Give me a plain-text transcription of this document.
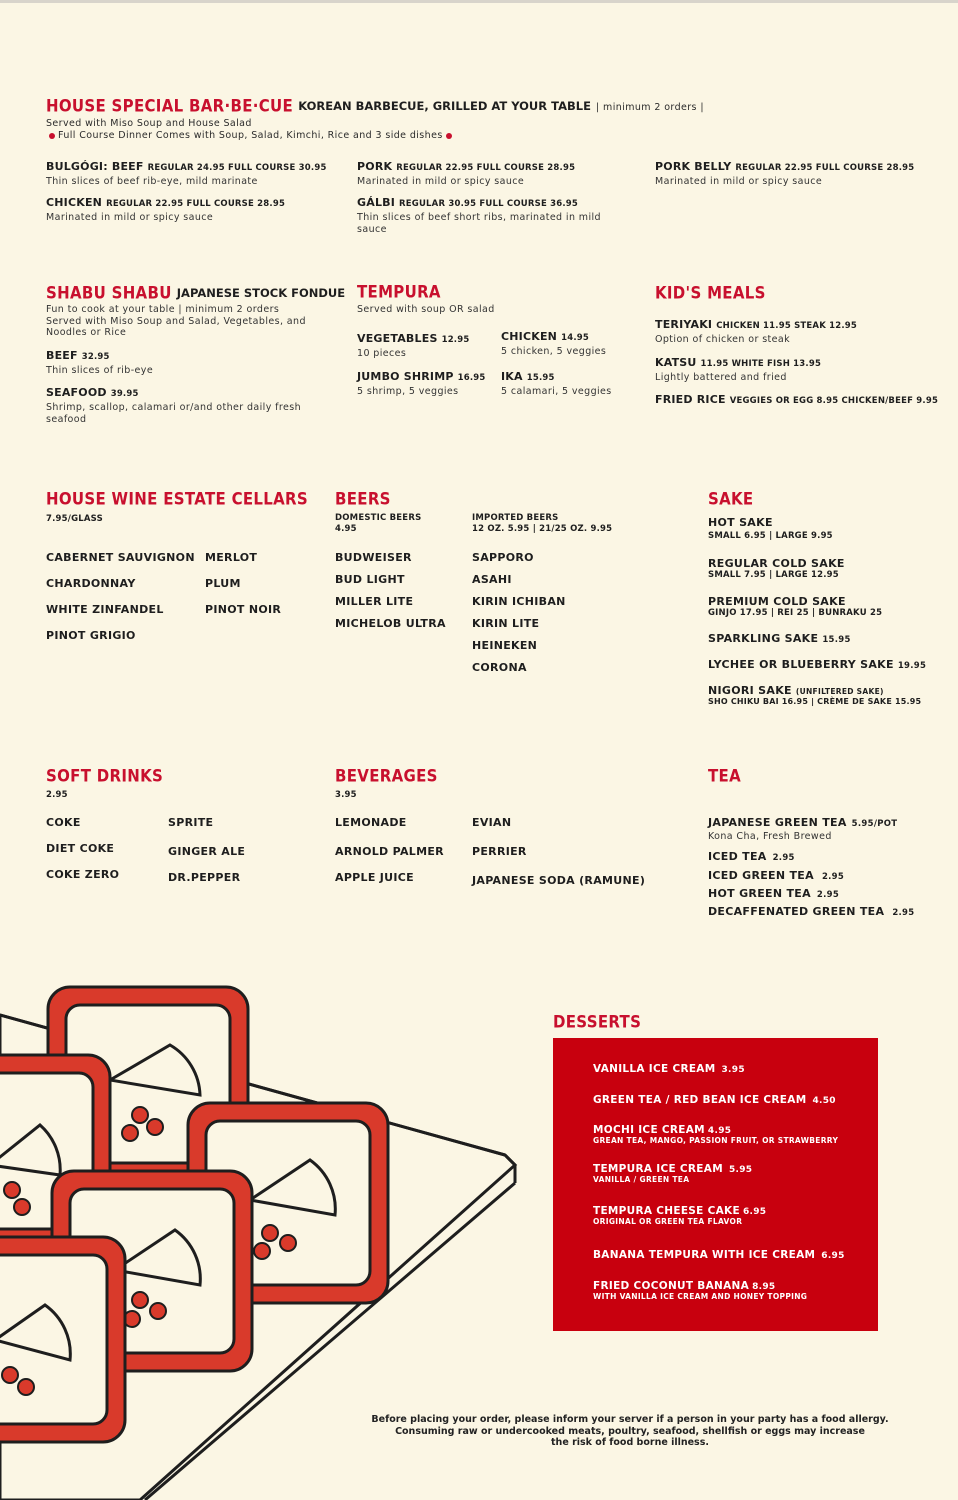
HOUSE SPECIAL BAR·BE·CUE KOREAN BARBECUE, GRILLED AT YOUR TABLE | minimum 2 orders |
Served with Miso Soup and House Salad
Full Course Dinner Comes with Soup, Salad, Kimchi, Rice and 3 side dishes
BULGÓGI: BEEF REGULAR 24.95 FULL COURSE 30.95
Thin slices of beef rib-eye, mild marinate
CHICKEN REGULAR 22.95 FULL COURSE 28.95
Marinated in mild or spicy sauce
PORK REGULAR 22.95 FULL COURSE 28.95
Marinated in mild or spicy sauce
GÁLBI REGULAR 30.95 FULL COURSE 36.95
Thin slices of beef short ribs, marinated in mild sauce
PORK BELLY REGULAR 22.95 FULL COURSE 28.95
Marinated in mild or spicy sauce
SHABU SHABU JAPANESE STOCK FONDUE
Fun to cook at your table | minimum 2 orders Served with Miso Soup and Salad, Vegetables, and Noodles or Rice
BEEF 32.95
Thin slices of rib-eye
SEAFOOD 39.95
Shrimp, scallop, calamari or/and other daily fresh seafood
TEMPURA
Served with soup OR salad
VEGETABLES 12.95
10 pieces
JUMBO SHRIMP 16.95
5 shrimp, 5 veggies
CHICKEN 14.95
5 chicken, 5 veggies
IKA 15.95
5 calamari, 5 veggies
KID'S MEALS
TERIYAKI CHICKEN 11.95 STEAK 12.95
Option of chicken or steak
KATSU 11.95 WHITE FISH 13.95
Lightly battered and fried
FRIED RICE VEGGIES OR EGG 8.95 CHICKEN/BEEF 9.95
HOUSE WINE ESTATE CELLARS
7.95/GLASS
CABERNET SAUVIGNON
CHARDONNAY
WHITE ZINFANDEL
PINOT GRIGIO
MERLOT
PLUM
PINOT NOIR
BEERS
DOMESTIC BEERS
4.95
IMPORTED BEERS
12 OZ. 5.95 | 21/25 OZ. 9.95
BUDWEISER
BUD LIGHT
MILLER LITE
MICHELOB ULTRA
SAPPORO
ASAHI
KIRIN ICHIBAN
KIRIN LITE
HEINEKEN
CORONA
SAKE
HOT SAKE
SMALL 6.95 | LARGE 9.95
REGULAR COLD SAKE
SMALL 7.95 | LARGE 12.95
PREMIUM COLD SAKE
GINJO 17.95 | REI 25 | BUNRAKU 25
SPARKLING SAKE 15.95
LYCHEE OR BLUEBERRY SAKE 19.95
NIGORI SAKE (UNFILTERED SAKE)
SHO CHIKU BAI 16.95 | CRÈME DE SAKE 15.95
SOFT DRINKS
2.95
COKE
DIET COKE
COKE ZERO
SPRITE
GINGER ALE
DR.PEPPER
BEVERAGES
3.95
LEMONADE
ARNOLD PALMER
APPLE JUICE
EVIAN
PERRIER
JAPANESE SODA (RAMUNE)
TEA
JAPANESE GREEN TEA 5.95/POT
Kona Cha, Fresh Brewed
ICED TEA 2.95
ICED GREEN TEA 2.95
HOT GREEN TEA 2.95
DECAFFENATED GREEN TEA 2.95
DESSERTS
VANILLA ICE CREAM 3.95
GREEN TEA / RED BEAN ICE CREAM 4.50
MOCHI ICE CREAM 4.95
GREAN TEA, MANGO, PASSION FRUIT, OR STRAWBERRY
TEMPURA ICE CREAM 5.95
VANILLA / GREEN TEA
TEMPURA CHEESE CAKE 6.95
ORIGINAL OR GREEN TEA FLAVOR
BANANA TEMPURA WITH ICE CREAM 6.95
FRIED COCONUT BANANA 8.95
WITH VANILLA ICE CREAM AND HONEY TOPPING
Before placing your order, please inform your server if a person in your party has a food allergy.
Consuming raw or undercooked meats, poultry, seafood, shellfish or eggs may increase
the risk of food borne illness.
